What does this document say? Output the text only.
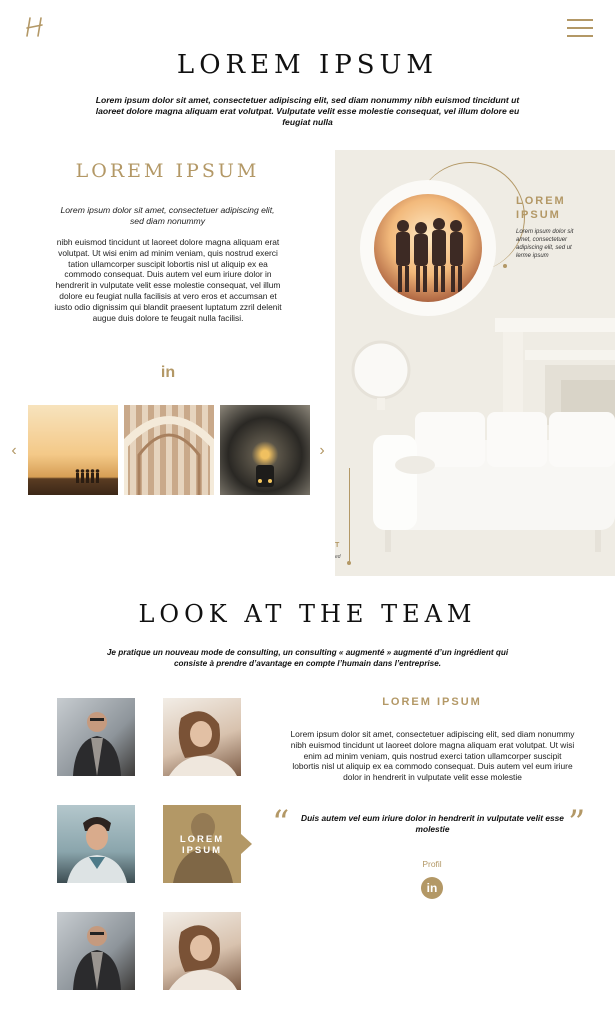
LOREM IPSUM
Lorem ipsum dolor sit amet, consectetuer adipiscing elit, sed diam nonummy nibh euismod tincidunt ut laoreet dolore magna aliquam erat volutpat. Vulputate velit esse molestie consequat, vel illum dolore eu feugiat nulla
LOREM IPSUM
Lorem ipsum dolor sit amet, consectetuer adipiscing elit, sed diam nonummy
nibh euismod tincidunt ut laoreet dolore magna aliquam erat volutpat. Ut wisi enim ad minim veniam, quis nostrud exerci tation ullamcorper suscipit lobortis nisl ut aliquip ex ea commodo consequat. Duis autem vel eum iriure dolor in hendrerit in vulputate velit esse molestie consequat, vel illum dolore eu feugiat nulla facilisis at vero eros et accumsan et iusto odio dignissim qui blandit praesent luptatum zzril delenit augue duis dolore te feugait nulla facilisi.
in
‹	›
LOREM IPSUM
Lorem ipsum dolor sit amet, consectetuer adipiscing elit, sed ut lerme ipsum
T
ed
LOOK AT THE TEAM
Je pratique un nouveau mode de consulting, un consulting « augmenté » augmenté d’un ingrédient qui consiste à prendre d’avantage en compte l’humain dans l’entreprise.
LOREM IPSUM
LOREM IPSUM
Lorem ipsum dolor sit amet, consectetuer adipiscing elit, sed diam nonummy nibh euismod tincidunt ut laoreet dolore magna aliquam erat volutpat. Ut wisi enim ad minim veniam, quis nostrud exerci tation ullamcorper suscipit lobortis nisl ut aliquip ex ea commodo consequat. Duis autem vel eum iriure dolor in hendrerit in vulputate velit esse molestie
“ Duis autem vel eum iriure dolor in hendrerit in vulputate velit esse molestie	”
Profil
in
